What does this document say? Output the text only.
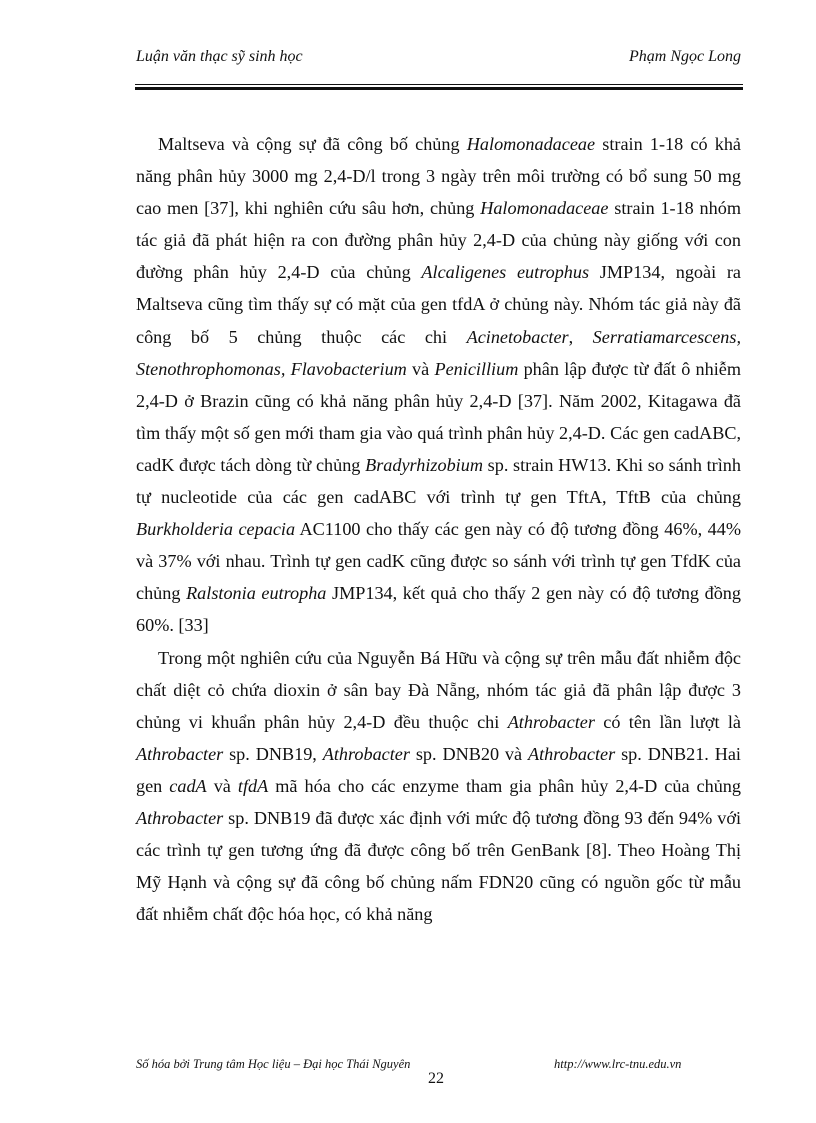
Luận văn thạc sỹ sinh học	Phạm Ngọc Long

Maltseva và cộng sự đã công bố chủng Halomonadaceae strain 1-18 có khả năng phân hủy 3000 mg 2,4-D/l trong 3 ngày trên môi trường có bổ sung 50 mg cao men [37], khi nghiên cứu sâu hơn, chủng Halomonadaceae strain 1-18 nhóm tác giả đã phát hiện ra con đường phân hủy 2,4-D của chủng này giống với con đường phân hủy 2,4-D của chủng Alcaligenes eutrophus JMP134, ngoài ra Maltseva cũng tìm thấy sự có mặt của gen tfdA ở chủng này. Nhóm tác giả này đã công bố 5 chủng thuộc các chi Acinetobacter, Serratiamarcescens, Stenothrophomonas, Flavobacterium và Penicillium phân lập được từ đất ô nhiễm 2,4-D ở Brazin cũng có khả năng phân hủy 2,4-D [37]. Năm 2002, Kitagawa đã tìm thấy một số gen mới tham gia vào quá trình phân hủy 2,4-D. Các gen cadABC, cadK được tách dòng từ chủng Bradyrhizobium sp. strain HW13. Khi so sánh trình tự nucleotide của các gen cadABC với trình tự gen TftA, TftB của chủng Burkholderia cepacia AC1100 cho thấy các gen này có độ tương đồng 46%, 44% và 37% với nhau. Trình tự gen cadK cũng được so sánh với trình tự gen TfdK của chủng Ralstonia eutropha JMP134, kết quả cho thấy 2 gen này có độ tương đồng 60%. [33]

Trong một nghiên cứu của Nguyễn Bá Hữu và cộng sự trên mẫu đất nhiễm độc chất diệt cỏ chứa dioxin ở sân bay Đà Nẵng, nhóm tác giả đã phân lập được 3 chủng vi khuẩn phân hủy 2,4-D đều thuộc chi Athrobacter có tên lần lượt là Athrobacter sp. DNB19, Athrobacter sp. DNB20 và Athrobacter sp. DNB21. Hai gen cadA và tfdA mã hóa cho các enzyme tham gia phân hủy 2,4-D của chủng Athrobacter sp. DNB19 đã được xác định với mức độ tương đồng 93 đến 94% với các trình tự gen tương ứng đã được công bố trên GenBank [8]. Theo Hoàng Thị Mỹ Hạnh và cộng sự đã công bố chủng nấm FDN20 cũng có nguồn gốc từ mẫu đất nhiễm chất độc hóa học, có khả năng

Số hóa bởi Trung tâm Học liệu – Đại học Thái Nguyên	http://www.lrc-tnu.edu.vn
22
